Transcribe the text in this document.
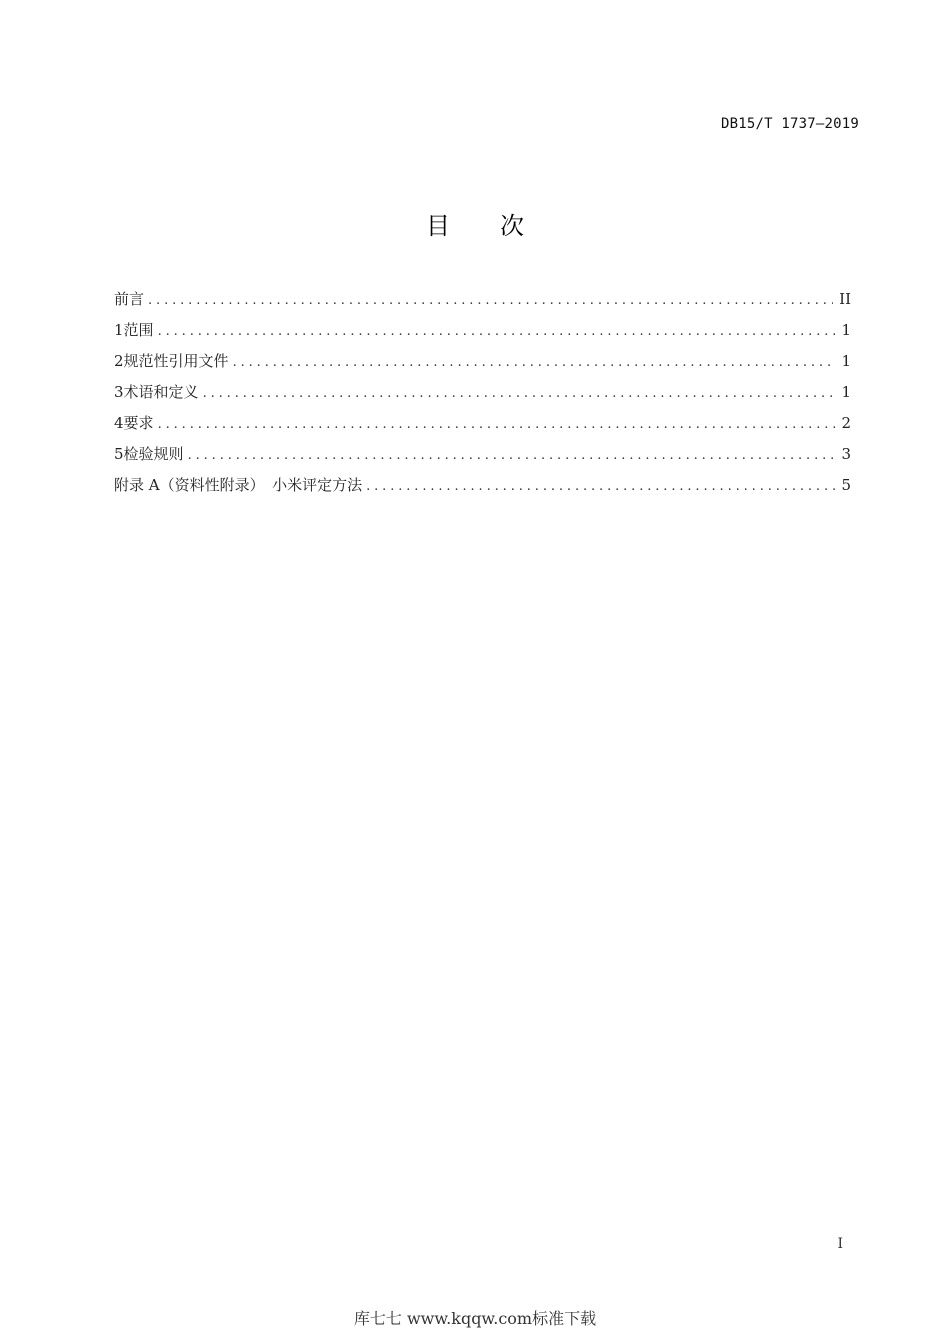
DB15/T 1737—2019
目 次
前言 .....	II
1 范围 .....	1
2 规范性引用文件 .....	1
3 术语和定义 .....	1
4 要求 .....	2
5 检验规则 .....	3
附录 A（资料性附录）　小米评定方法 .....	5
I
库七七 www.kqqw.com标准下载
